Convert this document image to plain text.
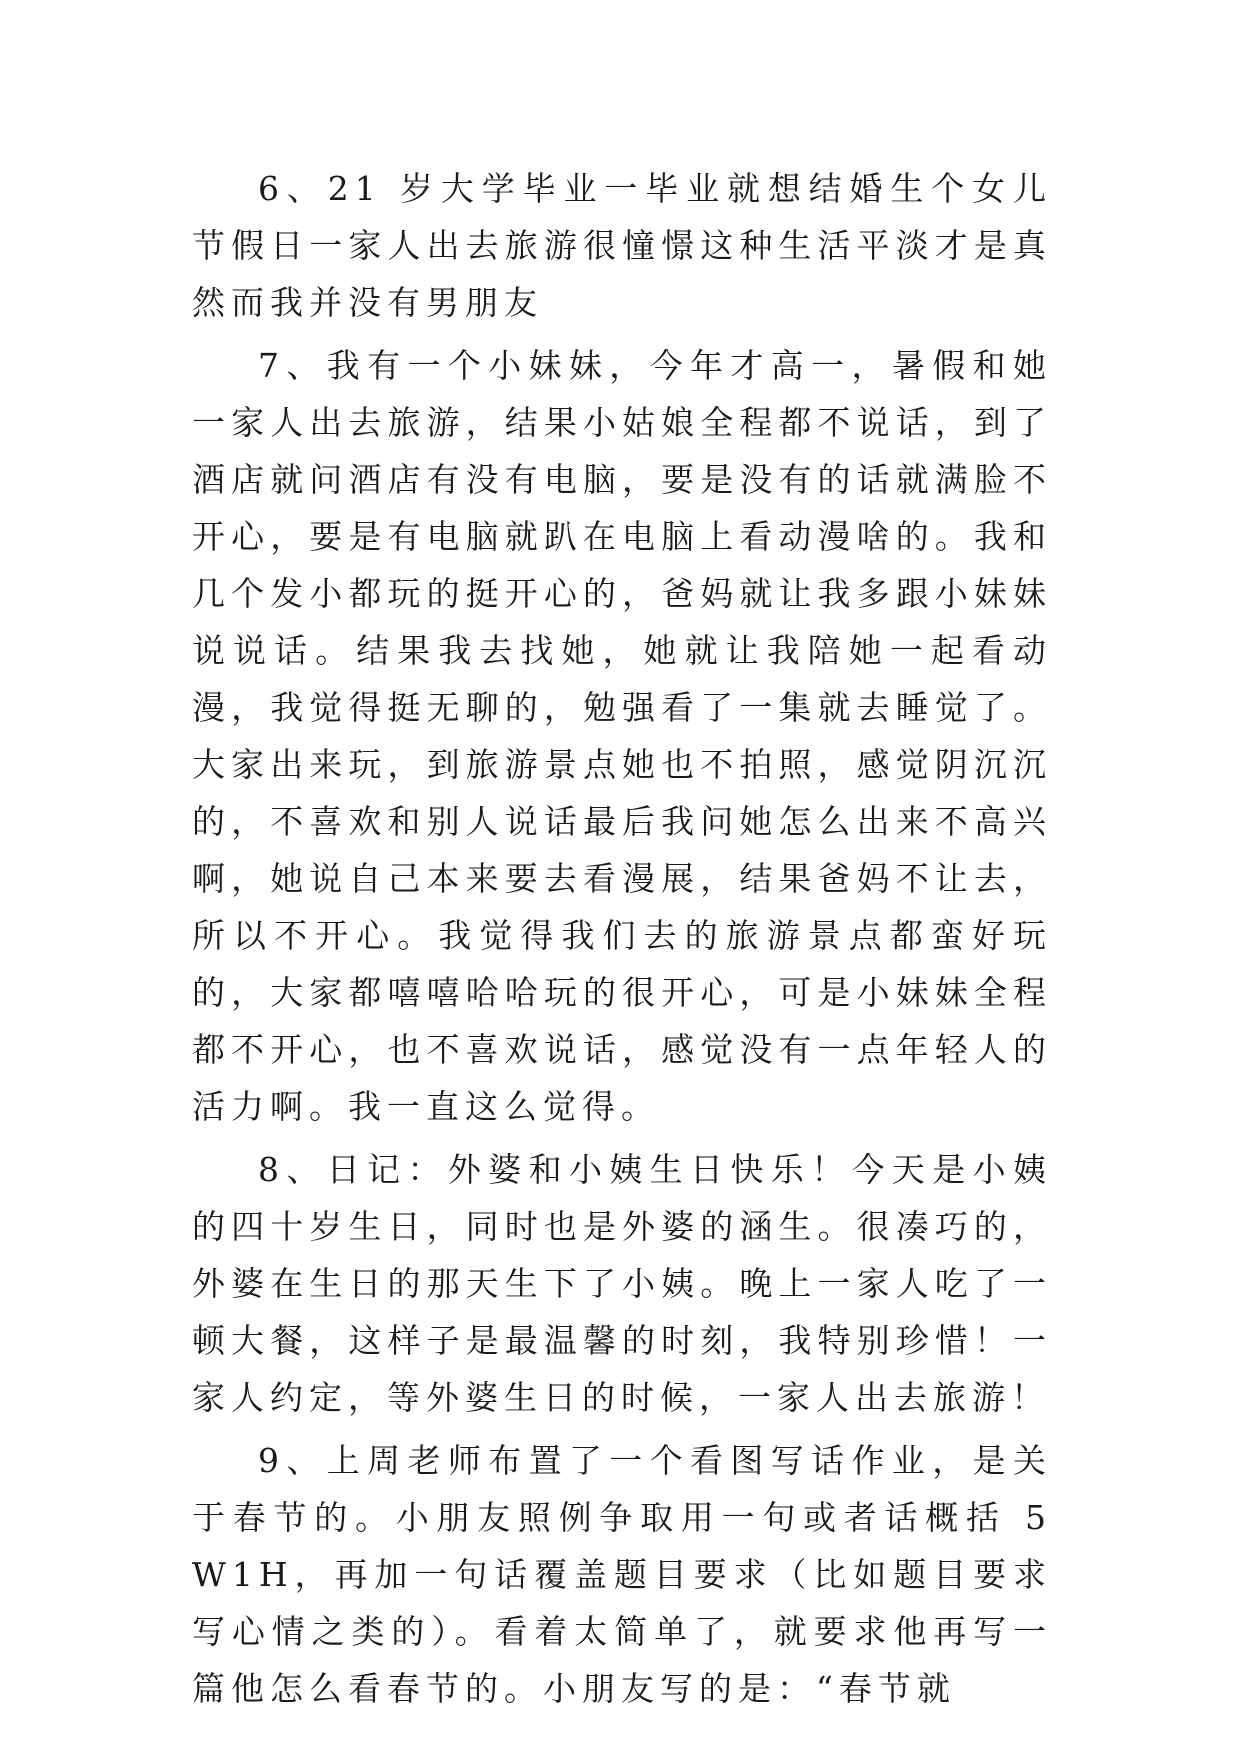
6、21 岁大学毕业一毕业就想结婚生个女儿节假日一家人出去旅游很憧憬这种生活平淡才是真然而我并没有男朋友

7、我有一个小妹妹，今年才高一，暑假和她一家人出去旅游，结果小姑娘全程都不说话，到了酒店就问酒店有没有电脑，要是没有的话就满脸不开心，要是有电脑就趴在电脑上看动漫啥的。我和几个发小都玩的挺开心的，爸妈就让我多跟小妹妹说说话。结果我去找她，她就让我陪她一起看动漫，我觉得挺无聊的，勉强看了一集就去睡觉了。大家出来玩，到旅游景点她也不拍照，感觉阴沉沉的，不喜欢和别人说话最后我问她怎么出来不高兴啊，她说自己本来要去看漫展，结果爸妈不让去，所以不开心。我觉得我们去的旅游景点都蛮好玩的，大家都嘻嘻哈哈玩的很开心，可是小妹妹全程都不开心，也不喜欢说话，感觉没有一点年轻人的活力啊。我一直这么觉得。

8、日记：外婆和小姨生日快乐！今天是小姨的四十岁生日，同时也是外婆的涵生。很凑巧的，外婆在生日的那天生下了小姨。晚上一家人吃了一顿大餐，这样子是最温馨的时刻，我特别珍惜！一家人约定，等外婆生日的时候，一家人出去旅游！

9、上周老师布置了一个看图写话作业，是关于春节的。小朋友照例争取用一句或者话概括 5W1H，再加一句话覆盖题目要求（比如题目要求写心情之类的）。看着太简单了，就要求他再写一篇他怎么看春节的。小朋友写的是：“春节就
